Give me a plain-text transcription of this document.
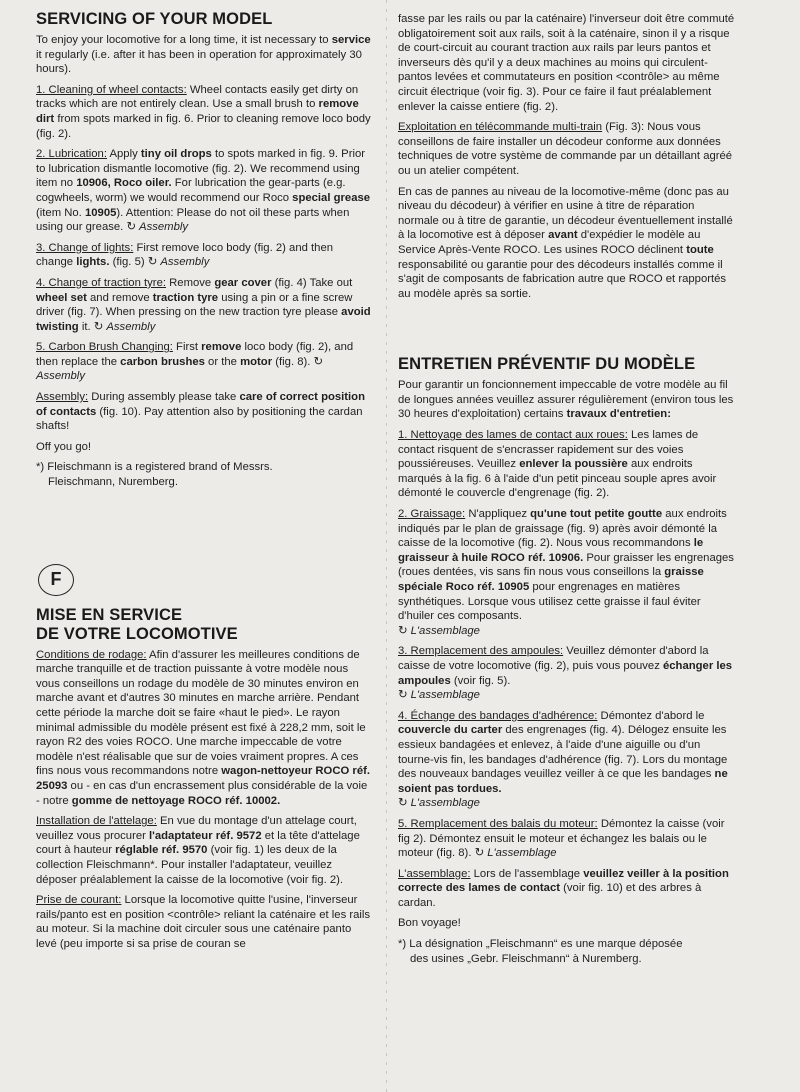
SERVICING OF YOUR MODEL

To enjoy your locomotive for a long time, it ist necessary to service it regularly (i.e. after it has been in operation for approximately 30 hours).

1. Cleaning of wheel contacts: Wheel contacts easily get dirty on tracks which are not entirely clean. Use a small brush to remove dirt from spots marked in fig. 6. Prior to cleaning remove loco body (fig. 2).

2. Lubrication: Apply tiny oil drops to spots marked in fig. 9. Prior to lubrication dismantle locomotive (fig. 2). We recommend using item no 10906, Roco oiler. For lubrication the gear-parts (e.g. cogwheels, worm) we would recommend our Roco special grease (item No. 10905). Attention: Please do not oil these parts when using our grease. ↻ Assembly

3. Change of lights: First remove loco body (fig. 2) and then change lights. (fig. 5) ↻ Assembly

4. Change of traction tyre: Remove gear cover (fig. 4) Take out wheel set and remove traction tyre using a pin or a fine screw driver (fig. 7). When pressing on the new traction tyre please avoid twisting it. ↻ Assembly

5. Carbon Brush Changing: First remove loco body (fig. 2), and then replace the carbon brushes or the motor (fig. 8). ↻ Assembly

Assembly: During assembly please take care of correct position of contacts (fig. 10). Pay attention also by positioning the cardan shafts!

Off you go!

*) Fleischmann is a registered brand of Messrs.
Fleischmann, Nuremberg.

F
MISE EN SERVICE
DE VOTRE LOCOMOTIVE

Conditions de rodage: Afin d'assurer les meilleures conditions de marche tranquille et de traction puissante à votre modèle nous vous conseillons un rodage du modèle de 30 minutes environ en marche avant et d'autres 30 minutes en marche arrière. Pendant cette période la marche doit se faire «haut le pied». Le rayon minimal admissible du modèle présent est fixé à 228,2 mm, soit le rayon R2 des voies ROCO. Une marche impeccable de votre modèle n'est réalisable que sur de voies vraiment propres. A ces fins nous vous recommandons notre wagon-nettoyeur ROCO réf. 25093 ou - en cas d'un encrassement plus considérable de la voie - notre gomme de nettoyage ROCO réf. 10002.

Installation de l'attelage: En vue du montage d'un attelage court, veuillez vous procurer l'adaptateur réf. 9572 et la tête d'attelage court à hauteur réglable réf. 9570 (voir fig. 1) les deux de la collection Fleischmann*. Pour installer l'adaptateur, veuillez déposer préalablement la caisse de la locomotive (voir fig. 2).

Prise de courant: Lorsque la locomotive quitte l'usine, l'inverseur rails/panto est en position <contrôle> reliant la caténaire et les rails au moteur. Si la machine doit circuler sous une caténaire panto levé (peu importe si sa prise de couran se

fasse par les rails ou par la caténaire) l'inverseur doit être commuté obligatoirement soit aux rails, soit à la caténaire, sinon il y a risque de court-circuit au courant traction aux rails par leurs pantos et inverseurs dès qu'il y a deux machines au moins qui circulent-pantos levées et commutateurs en position <contrôle> au même circuit électrique (voir fig. 3). Pour ce faire il faut préalablement enlever la caisse entiere (fig. 2).

Exploitation en télécommande multi-train (Fig. 3): Nous vous conseillons de faire installer un décodeur conforme aux données techniques de votre système de commande par un détaillant agréé ou un atelier compétent.

En cas de pannes au niveau de la locomotive-même (donc pas au niveau du décodeur) à vérifier en usine à titre de réparation normale ou à titre de garantie, un décodeur éventuellement installé à la locomotive est à déposer avant d'expédier le modèle au Service Après-Vente ROCO. Les usines ROCO déclinent toute responsabilité ou garantie pour des décodeurs installés comme il s'agit de composants de fabrication autre que ROCO et rapportés au modèle après sa sortie.

ENTRETIEN PRÉVENTIF DU MODÈLE

Pour garantir un foncionnement impeccable de votre modèle au fil de longues années veuillez assurer régulièrement (environ tous les 30 heures d'exploitation) certains travaux d'entretien:

1. Nettoyage des lames de contact aux roues: Les lames de contact risquent de s'encrasser rapidement sur des voies poussiéreuses. Veuillez enlever la poussière aux endroits marqués à la fig. 6 à l'aide d'un petit pinceau souple apres avoir démonté le couvercle d'engrenage (fig. 2).

2. Graissage: N'appliquez qu'une tout petite goutte aux endroits indiqués par le plan de graissage (fig. 9) après avoir démonté la caisse de la locomotive (fig. 2). Nous vous recommandons le graisseur à huile ROCO réf. 10906. Pour graisser les engrenages (roues dentées, vis sans fin nous vous conseillons la graisse spéciale Roco réf. 10905 pour engrenages en matières synthétiques. Lorsque vous utilisez cette graisse il faul éviter d'huiler ces composants.
↻ L'assemblage

3. Remplacement des ampoules: Veuillez démonter d'abord la caisse de votre locomotive (fig. 2), puis vous pouvez échanger les ampoules (voir fig. 5).
↻ L'assemblage

4. Échange des bandages d'adhérence: Démontez d'abord le couvercle du carter des engrenages (fig. 4). Délogez ensuite les essieux bandagées et enlevez, à l'aide d'une aiguille ou d'un tourne-vis fin, les bandages d'adhérence (fig. 7). Lors du montage des nouveaux bandages veuillez veiller à ce que les bandages ne soient pas tordues.
↻ L'assemblage

5. Remplacement des balais du moteur: Démontez la caisse (voir fig 2). Démontez ensuit le moteur et échangez les balais ou le moteur (fig. 8). ↻ L'assemblage

L'assemblage: Lors de l'assemblage veuillez veiller à la position correcte des lames de contact (voir fig. 10) et des arbres à cardan.

Bon voyage!

*) La désignation „Fleischmann“ es une marque déposée
des usines „Gebr. Fleischmann“ à Nuremberg.
